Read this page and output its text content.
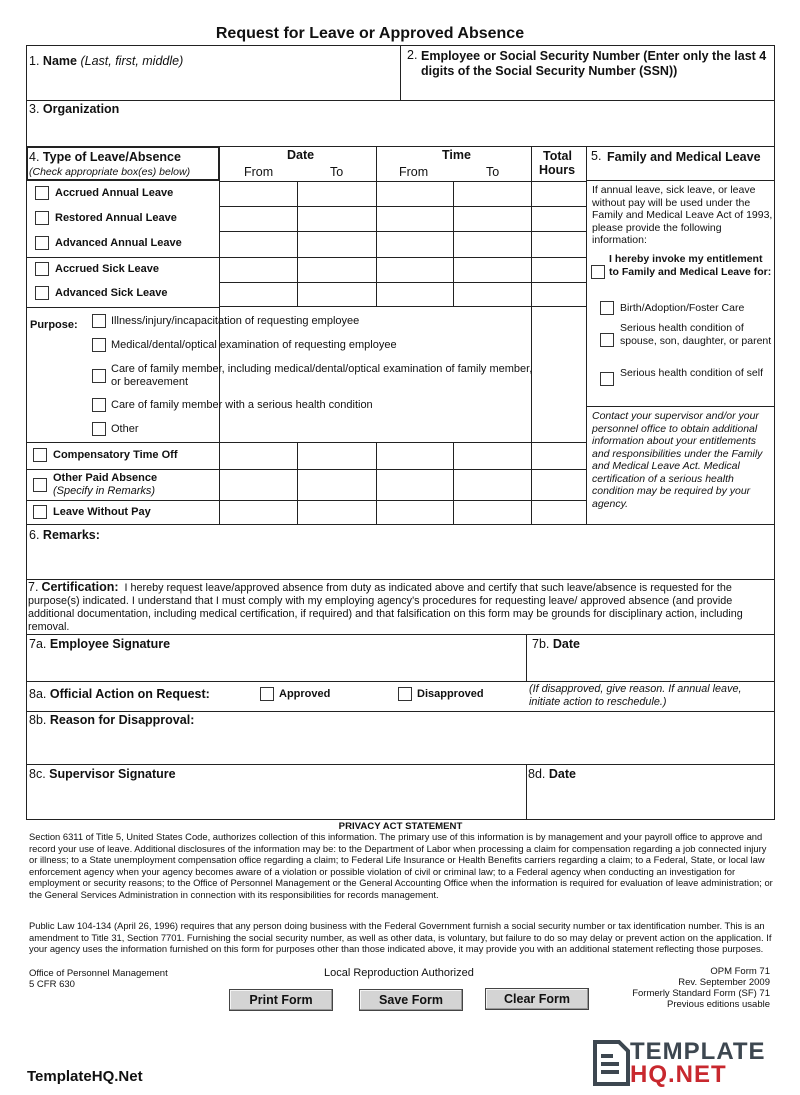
Request for Leave or Approved Absence
1. Name (Last, first, middle)	2. Employee or Social Security Number (Enter only the last 4 digits of the Social Security Number (SSN))
3. Organization
4. Type of Leave/Absence
(Check appropriate box(es) below)
Date	Time
From	To	From	To
Total
Hours
Accrued Annual Leave
Restored Annual Leave
Advanced Annual Leave
Accrued Sick Leave
Advanced Sick Leave
Purpose:	Illness/injury/incapacitation of requesting employee
Medical/dental/optical examination of requesting employee
Care of family member, including medical/dental/optical examination of family member, or bereavement
Care of family member with a serious health condition
Other
Compensatory Time Off
Other Paid Absence
(Specify in Remarks)
Leave Without Pay
5. Family and Medical Leave
If annual leave, sick leave, or leave without pay will be used under the Family and Medical Leave Act of 1993, please provide the following information:
I hereby invoke my entitlement to Family and Medical Leave for:
Birth/Adoption/Foster Care
Serious health condition of spouse, son, daughter, or parent
Serious health condition of self
Contact your supervisor and/or your personnel office to obtain additional information about your entitlements and responsibilities under the Family and Medical Leave Act. Medical certification of a serious health condition may be required by your agency.
6. Remarks:
7. Certification: I hereby request leave/approved absence from duty as indicated above and certify that such leave/absence is requested for the purpose(s) indicated. I understand that I must comply with my employing agency's procedures for requesting leave/ approved absence (and provide additional documentation, including medical certification, if required) and that falsification on this form may be grounds for disciplinary action, including removal.
7a. Employee Signature	7b. Date
8a. Official Action on Request:	Approved	Disapproved	(If disapproved, give reason. If annual leave, initiate action to reschedule.)
8b. Reason for Disapproval:
8c. Supervisor Signature	8d. Date
PRIVACY ACT STATEMENT
Section 6311 of Title 5, United States Code, authorizes collection of this information. The primary use of this information is by management and your payroll office to approve and record your use of leave. Additional disclosures of the information may be: to the Department of Labor when processing a claim for compensation regarding a job connected injury or illness; to a State unemployment compensation office regarding a claim; to Federal Life Insurance or Health Benefits carriers regarding a claim; to a Federal, State, or local law enforcement agency when your agency becomes aware of a violation or possible violation of civil or criminal law; to a Federal agency when conducting an investigation for employment or security reasons; to the Office of Personnel Management or the General Accounting Office when the information is required for evaluation of leave administration; or the General Services Administration in connection with its responsibilities for records management.
Public Law 104-134 (April 26, 1996) requires that any person doing business with the Federal Government furnish a social security number or tax identification number. This is an amendment to Title 31, Section 7701. Furnishing the social security number, as well as other data, is voluntary, but failure to do so may delay or prevent action on the application. If your agency uses the information furnished on this form for purposes other than those indicated above, it may provide you with an additional statement reflecting those purposes.
Office of Personnel Management
5 CFR 630
Local Reproduction Authorized	OPM Form 71
Rev. September 2009
Formerly Standard Form (SF) 71
Previous editions usable
Print Form	Save Form	Clear Form
TemplateHQ.Net
TEMPLATE
HQ.NET
